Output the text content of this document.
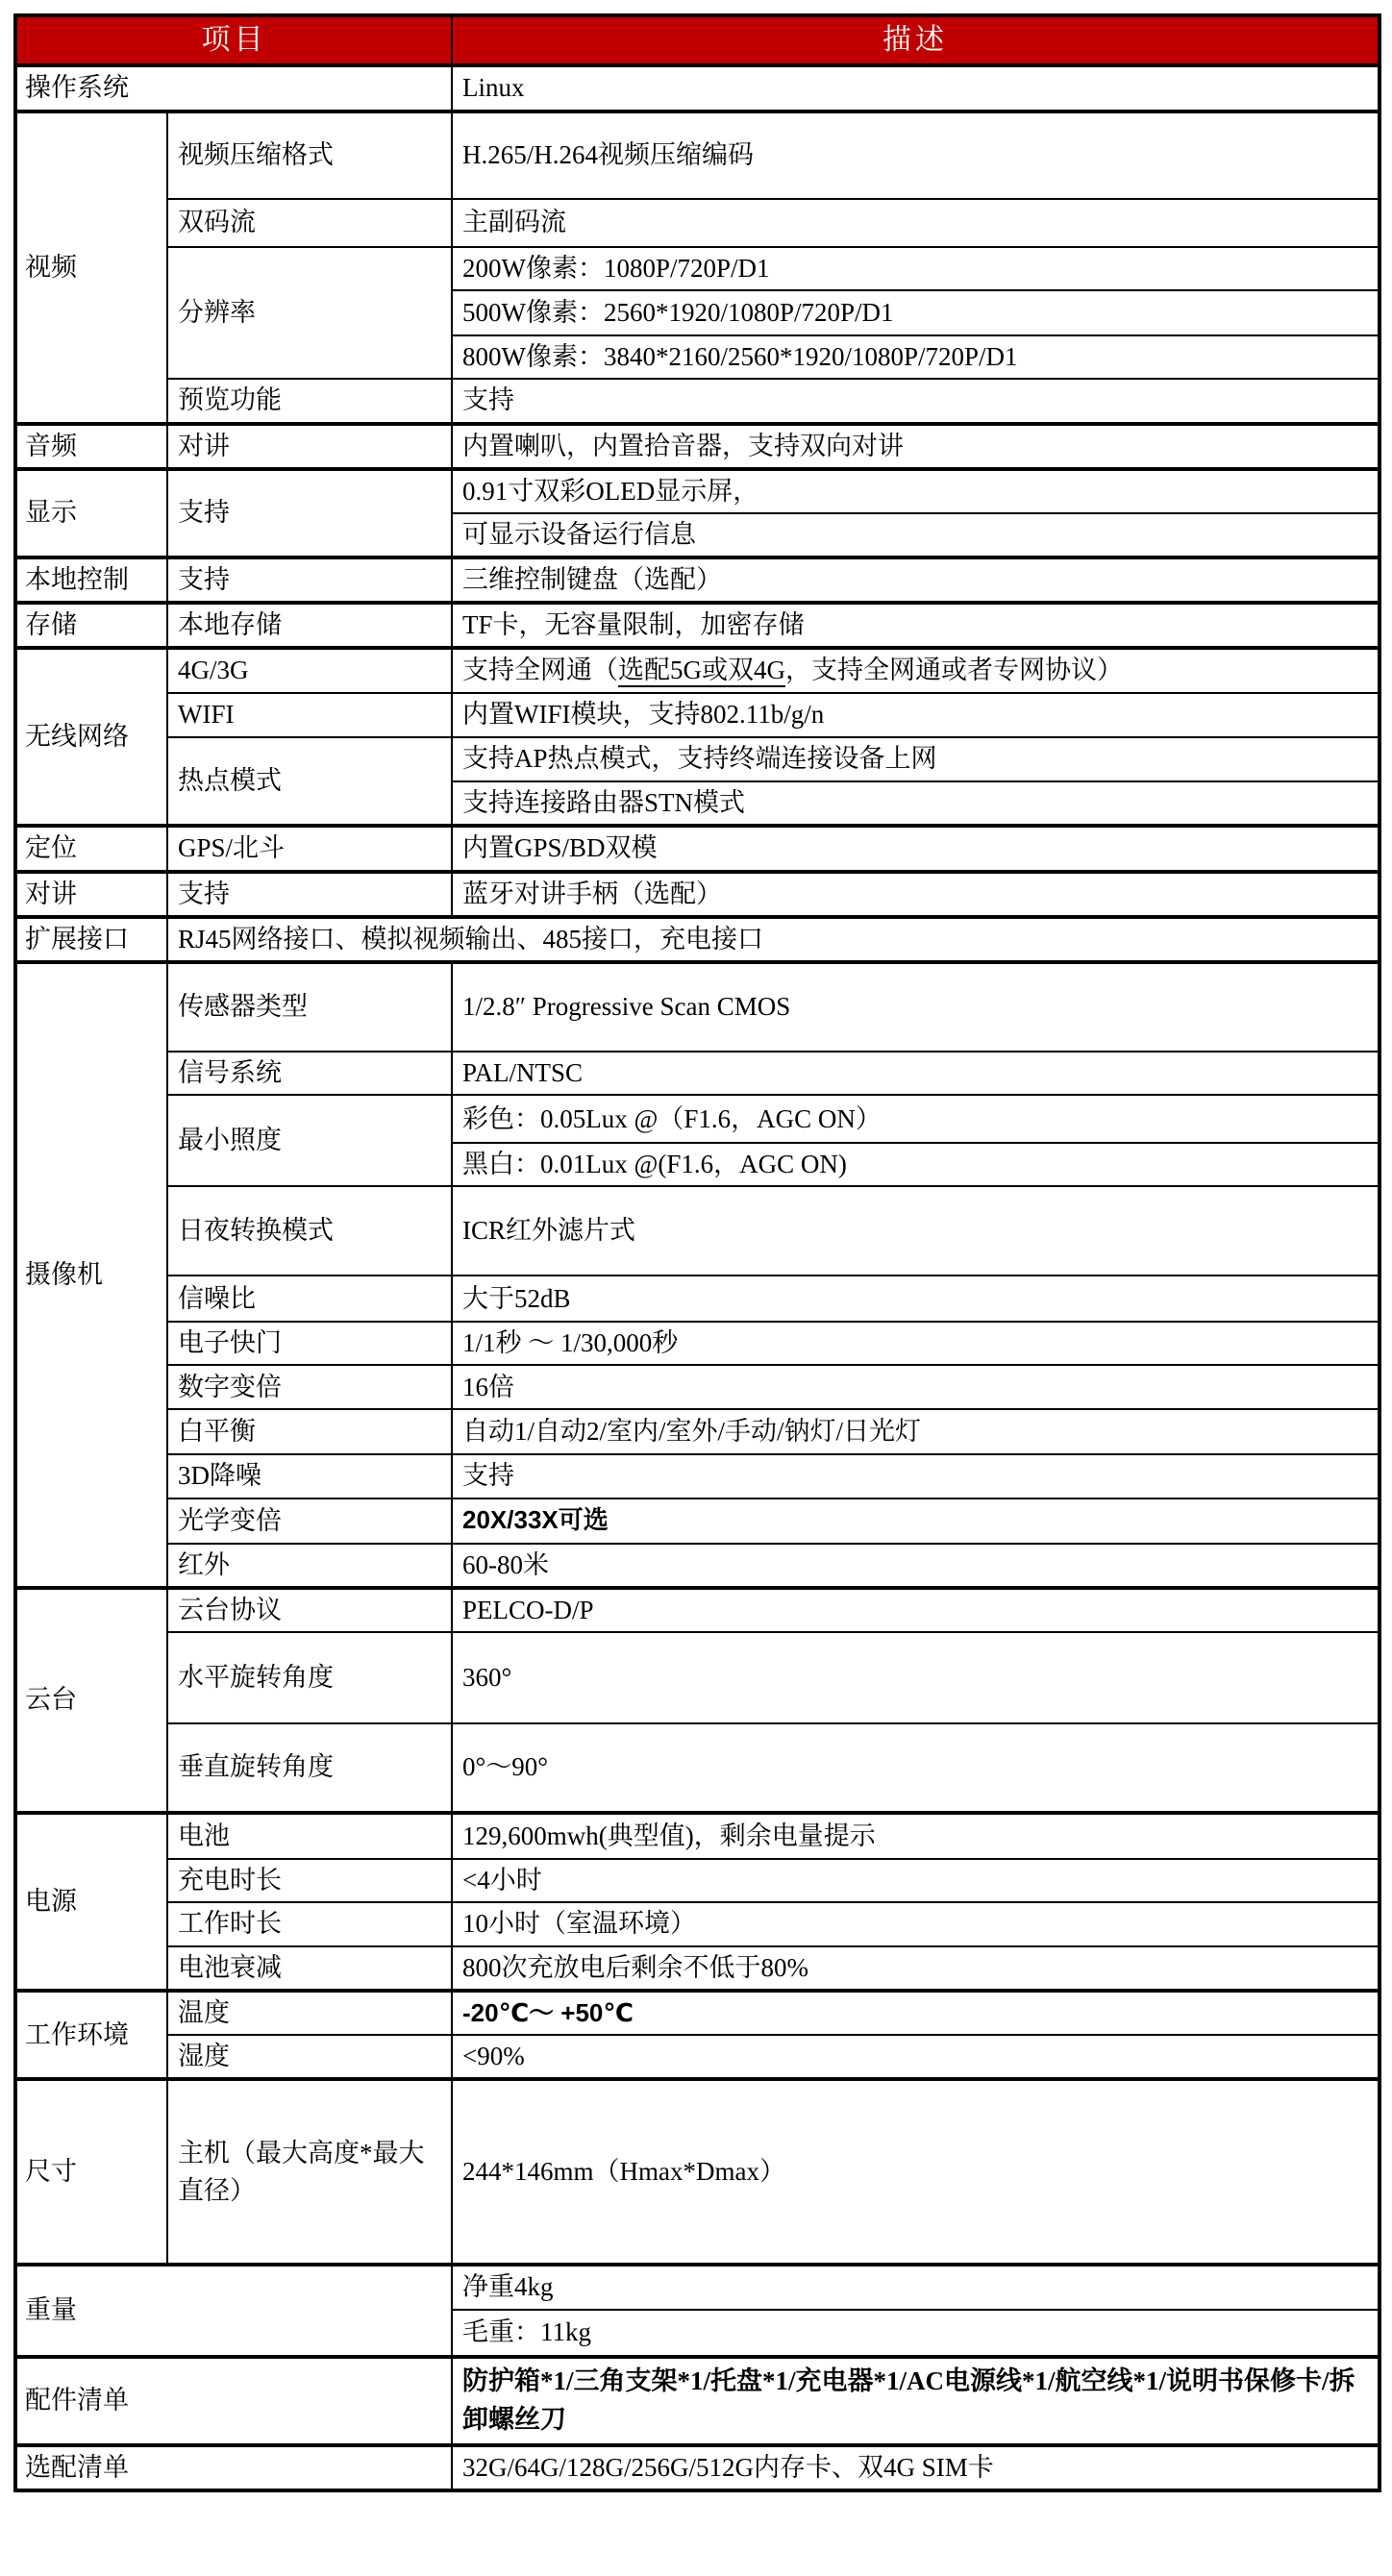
项目		描述
操作系统		Linux
视频	视频压缩格式	H.265/H.264视频压缩编码
	双码流	主副码流
	分辨率	200W像素：1080P/720P/D1
		500W像素：2560*1920/1080P/720P/D1
		800W像素：3840*2160/2560*1920/1080P/720P/D1
	预览功能	支持
音频	对讲	内置喇叭，内置拾音器，支持双向对讲
显示	支持	0.91寸双彩OLED显示屏，
		可显示设备运行信息
本地控制	支持	三维控制键盘（选配）
存储	本地存储	TF卡，无容量限制，加密存储
无线网络	4G/3G	支持全网通（选配5G或双4G，支持全网通或者专网协议）
	WIFI	内置WIFI模块，支持802.11b/g/n
	热点模式	支持AP热点模式，支持终端连接设备上网
		支持连接路由器STN模式
定位	GPS/北斗	内置GPS/BD双模
对讲	支持	蓝牙对讲手柄（选配）
扩展接口	RJ45网络接口、模拟视频输出、485接口，充电接口	
摄像机	传感器类型	1/2.8″ Progressive Scan CMOS
	信号系统	PAL/NTSC
	最小照度	彩色：0.05Lux @（F1.6，AGC ON）
		黑白：0.01Lux @(F1.6，AGC ON)
	日夜转换模式	ICR红外滤片式
	信噪比	大于52dB
	电子快门	1/1秒 ～ 1/30,000秒
	数字变倍	16倍
	白平衡	自动1/自动2/室内/室外/手动/钠灯/日光灯
	3D降噪	支持
	光学变倍	20X/33X可选
	红外	60-80米
云台	云台协议	PELCO-D/P
	水平旋转角度	360°
	垂直旋转角度	0°～90°
电源	电池	129,600mwh(典型值)，剩余电量提示
	充电时长	<4小时
	工作时长	10小时（室温环境）
	电池衰减	800次充放电后剩余不低于80%
工作环境	温度	-20℃～ +50℃
	湿度	<90%
尺寸	主机（最大高度*最大直径）	244*146mm（Hmax*Dmax）
重量		净重4kg
		毛重：11kg
配件清单		防护箱*1/三角支架*1/托盘*1/充电器*1/AC电源线*1/航空线*1/说明书保修卡/拆卸螺丝刀
选配清单		32G/64G/128G/256G/512G内存卡、双4G SIM卡
